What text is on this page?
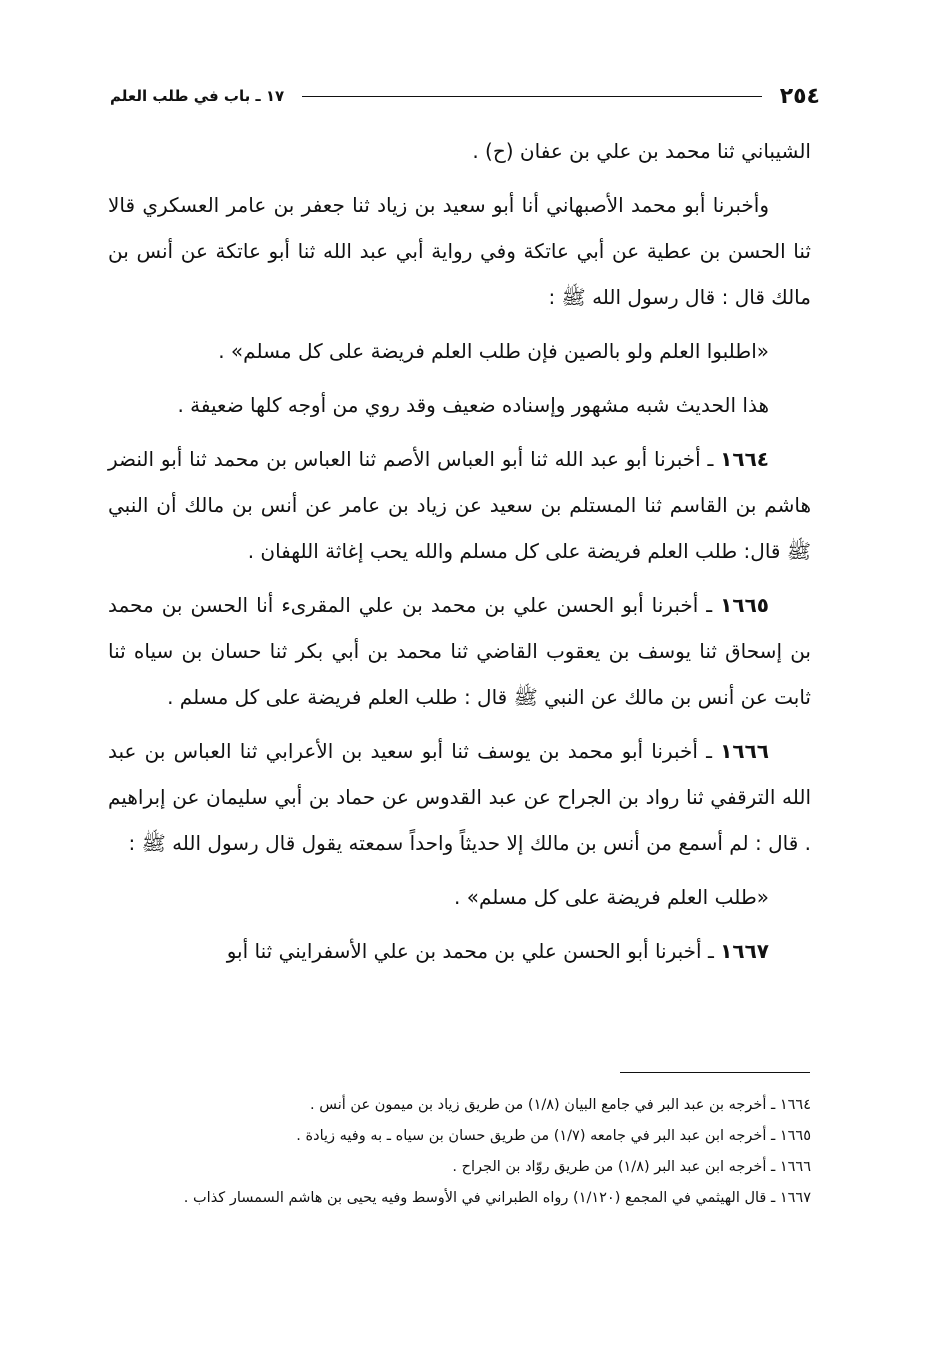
٢٥٤
١٧ ـ باب في طلب العلم

الشيباني ثنا محمد بن علي بن عفان (ح) .

وأخبرنا أبو محمد الأصبهاني أنا أبو سعيد بن زياد ثنا جعفر بن عامر العسكري قالا ثنا الحسن بن عطية عن أبي عاتكة وفي رواية أبي عبد الله ثنا أبو عاتكة عن أنس بن مالك قال : قال رسول الله ﷺ :

«اطلبوا العلم ولو بالصين فإن طلب العلم فريضة على كل مسلم» .

هذا الحديث شبه مشهور وإسناده ضعيف وقد روي من أوجه كلها ضعيفة .

١٦٦٤ ـ أخبرنا أبو عبد الله ثنا أبو العباس الأصم ثنا العباس بن محمد ثنا أبو النضر هاشم بن القاسم ثنا المستلم بن سعيد عن زياد بن عامر عن أنس بن مالك أن النبي ﷺ قال: طلب العلم فريضة على كل مسلم والله يحب إغاثة اللهفان .

١٦٦٥ ـ أخبرنا أبو الحسن علي بن محمد بن علي المقرىء أنا الحسن بن محمد بن إسحاق ثنا يوسف بن يعقوب القاضي ثنا محمد بن أبي بكر ثنا حسان بن سياه ثنا ثابت عن أنس بن مالك عن النبي ﷺ قال : طلب العلم فريضة على كل مسلم .

١٦٦٦ ـ أخبرنا أبو محمد بن يوسف ثنا أبو سعيد بن الأعرابي ثنا العباس بن عبد الله الترقفي ثنا رواد بن الجراح عن عبد القدوس عن حماد بن أبي سليمان عن إبراهيم . قال : لم أسمع من أنس بن مالك إلا حديثاً واحداً سمعته يقول قال رسول الله ﷺ :

«طلب العلم فريضة على كل مسلم» .

١٦٦٧ ـ أخبرنا أبو الحسن علي بن محمد بن علي الأسفرايني ثنا أبو

١٦٦٤ ـ أخرجه بن عبد البر في جامع البيان (١/٨) من طريق زياد بن ميمون عن أنس .

١٦٦٥ ـ أخرجه ابن عبد البر في جامعه (١/٧) من طريق حسان بن سياه ـ به وفيه زيادة .

١٦٦٦ ـ أخرجه ابن عبد البر (١/٨) من طريق روّاد بن الجراح .

١٦٦٧ ـ قال الهيثمي في المجمع (١/١٢٠) رواه الطبراني في الأوسط وفيه يحيى بن هاشم السمسار كذاب .
